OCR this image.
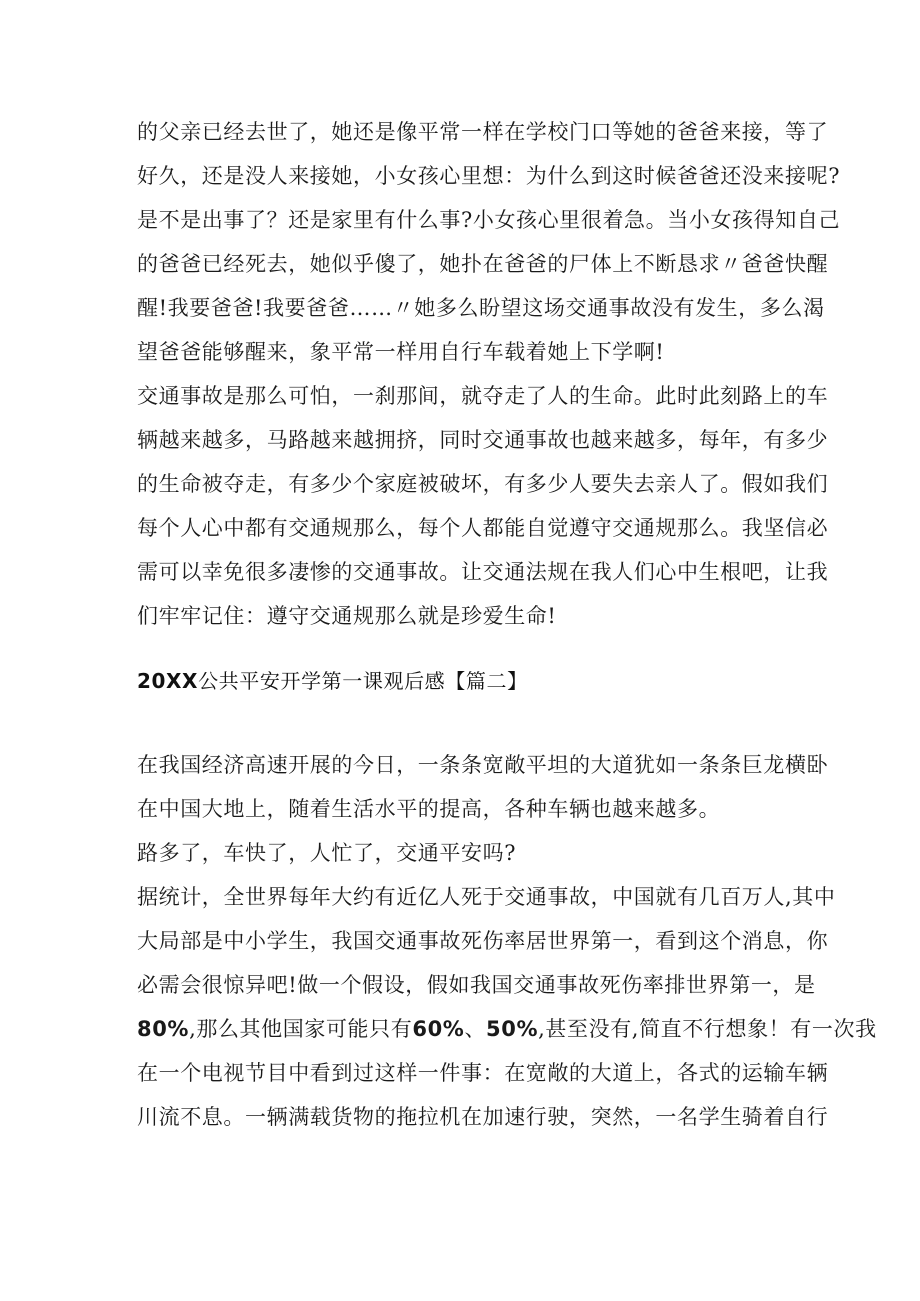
的父亲已经去世了，她还是像平常一样在学校门口等她的爸爸来接，等了
好久，还是没人来接她，小女孩心里想：为什么到这时候爸爸还没来接呢?
是不是出事了？还是家里有什么事?小女孩心里很着急。当小女孩得知自己
的爸爸已经死去，她似乎傻了，她扑在爸爸的尸体上不断恳求〃爸爸快醒
醒!我要爸爸!我要爸爸……〃她多么盼望这场交通事故没有发生，多么渴
望爸爸能够醒来，象平常一样用自行车载着她上下学啊!
交通事故是那么可怕，一刹那间，就夺走了人的生命。此时此刻路上的车
辆越来越多，马路越来越拥挤，同时交通事故也越来越多，每年，有多少
的生命被夺走，有多少个家庭被破坏，有多少人要失去亲人了。假如我们
每个人心中都有交通规那么，每个人都能自觉遵守交通规那么。我坚信必
需可以幸免很多凄惨的交通事故。让交通法规在我人们心中生根吧，让我
们牢牢记住：遵守交通规那么就是珍爱生命!
20XX公共平安开学第一课观后感【篇二】
在我国经济高速开展的今日，一条条宽敞平坦的大道犹如一条条巨龙横卧
在中国大地上，随着生活水平的提高，各种车辆也越来越多。
路多了，车快了，人忙了，交通平安吗?
据统计，全世界每年大约有近亿人死于交通事故，中国就有几百万人,其中
大局部是中小学生，我国交通事故死伤率居世界第一，看到这个消息，你
必需会很惊异吧!做一个假设，假如我国交通事故死伤率排世界第一，是
80%,那么其他国家可能只有60%、50%,甚至没有,简直不行想象！有一次我
在一个电视节目中看到过这样一件事：在宽敞的大道上，各式的运输车辆
川流不息。一辆满载货物的拖拉机在加速行驶，突然，一名学生骑着自行
